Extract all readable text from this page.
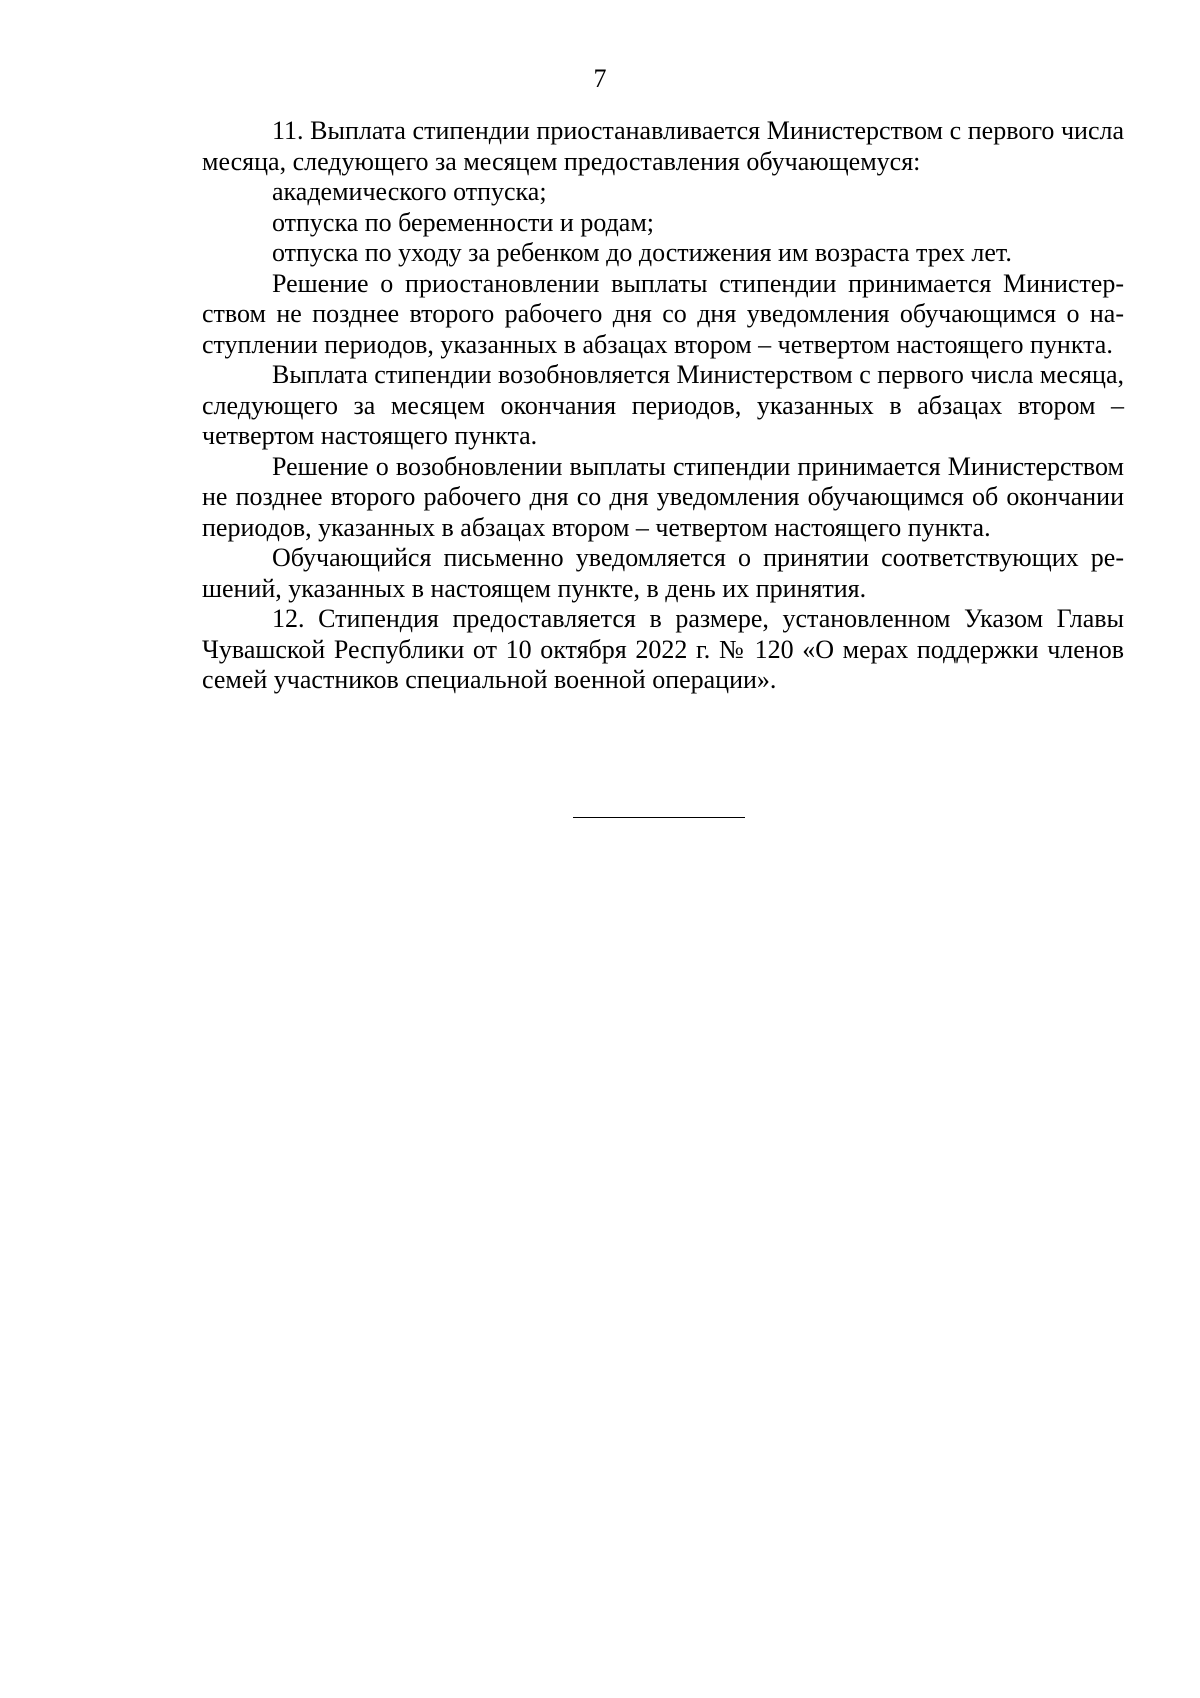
7

11. Выплата стипендии приостанавливается Министерством с первого числа месяца, следующего за месяцем предоставления обучающемуся:

академического отпуска;

отпуска по беременности и родам;

отпуска по уходу за ребенком до достижения им возраста трех лет.

Решение о приостановлении выплаты стипендии принимается Министерством не позднее второго рабочего дня со дня уведомления обучающимся о наступлении периодов, указанных в абзацах втором – четвертом настоящего пункта.

Выплата стипендии возобновляется Министерством с первого числа месяца, следующего за месяцем окончания периодов, указанных в абзацах втором – четвертом настоящего пункта.

Решение о возобновлении выплаты стипендии принимается Министерством не позднее второго рабочего дня со дня уведомления обучающимся об окончании периодов, указанных в абзацах втором – четвертом настоящего пункта.

Обучающийся письменно уведомляется о принятии соответствующих решений, указанных в настоящем пункте, в день их принятия.

12. Стипендия предоставляется в размере, установленном Указом Главы Чувашской Республики от 10 октября 2022 г. № 120 «О мерах поддержки членов семей участников специальной военной операции».
